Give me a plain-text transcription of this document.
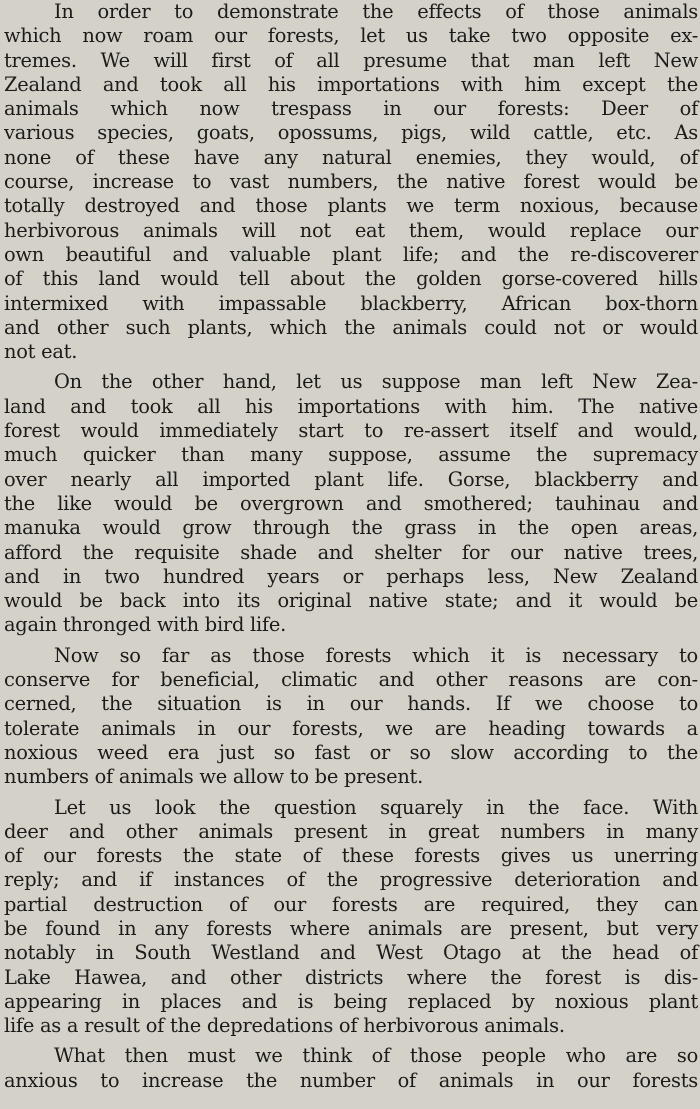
In order to demonstrate the effects of those animals
which now roam our forests, let us take two opposite ex-
tremes. We will first of all presume that man left New
Zealand and took all his importations with him except the
animals which now trespass in our forests: Deer of
various species, goats, opossums, pigs, wild cattle, etc. As
none of these have any natural enemies, they would, of
course, increase to vast numbers, the native forest would be
totally destroyed and those plants we term noxious, because
herbivorous animals will not eat them, would replace our
own beautiful and valuable plant life; and the re-discoverer
of this land would tell about the golden gorse-covered hills
intermixed with impassable blackberry, African box-thorn
and other such plants, which the animals could not or would
not eat.
On the other hand, let us suppose man left New Zea-
land and took all his importations with him. The native
forest would immediately start to re-assert itself and would,
much quicker than many suppose, assume the supremacy
over nearly all imported plant life. Gorse, blackberry and
the like would be overgrown and smothered; tauhinau and
manuka would grow through the grass in the open areas,
afford the requisite shade and shelter for our native trees,
and in two hundred years or perhaps less, New Zealand
would be back into its original native state; and it would be
again thronged with bird life.
Now so far as those forests which it is necessary to
conserve for beneficial, climatic and other reasons are con-
cerned, the situation is in our hands. If we choose to
tolerate animals in our forests, we are heading towards a
noxious weed era just so fast or so slow according to the
numbers of animals we allow to be present.
Let us look the question squarely in the face. With
deer and other animals present in great numbers in many
of our forests the state of these forests gives us unerring
reply; and if instances of the progressive deterioration and
partial destruction of our forests are required, they can
be found in any forests where animals are present, but very
notably in South Westland and West Otago at the head of
Lake Hawea, and other districts where the forest is dis-
appearing in places and is being replaced by noxious plant
life as a result of the depredations of herbivorous animals.
What then must we think of those people who are so
anxious to increase the number of animals in our forests
